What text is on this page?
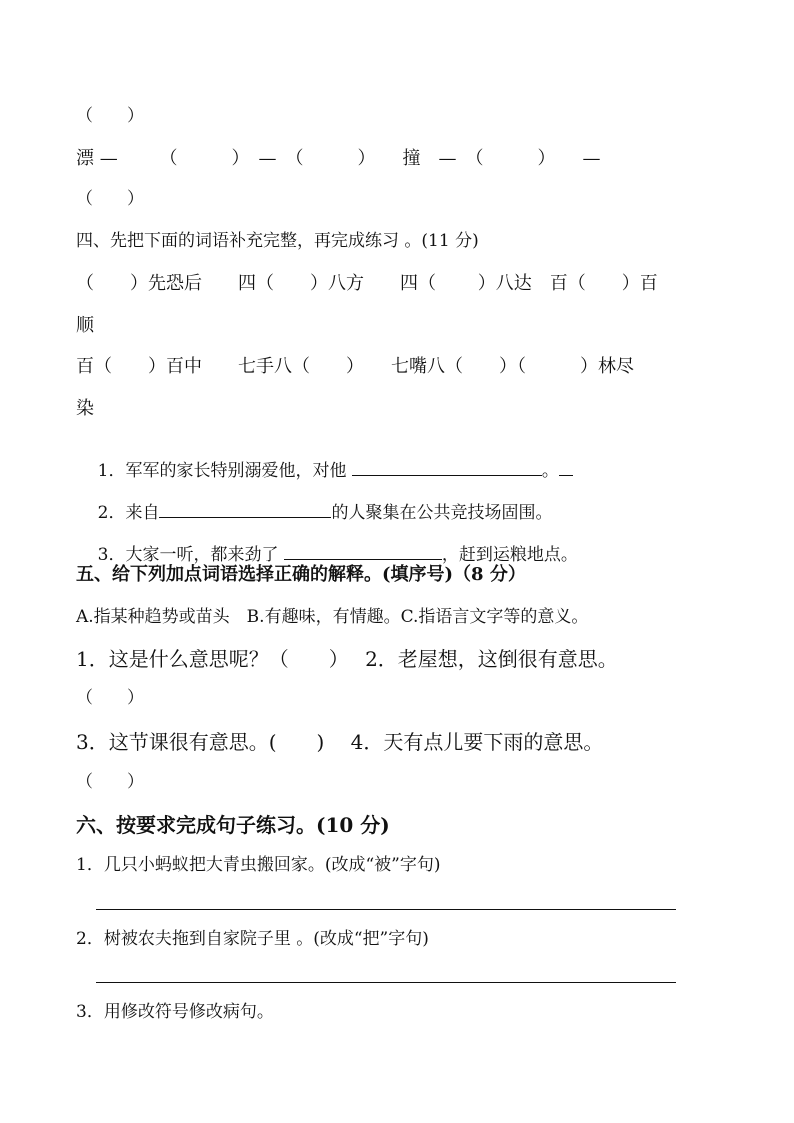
（　　）
漂 —　　 （　　　）　—　（　　　）　　撞　—　（　　　）　　—
（　　）
四、先把下面的词语补充完整，再完成练习 。(11 分)
（　　）先恐后　　四（　　）八方　　四（　　 ）八达　百（　　）百
顺
百（　　）百中　　七手八（　　）　　七嘴八（　　）（　　　）林尽
染

1．军军的家长特别溺爱他，对他	。

2．来自	的人聚集在公共竞技场固围。

3．大家一听，都来劲了	，赶到运粮地点。

五、给下列加点词语选择正确的解释。(填序号)（8 分）
A.指某种趋势或苗头　B.有趣味，有情趣。C.指语言文字等的意义。
1．这是什么意思呢？（　　）　 2．老屋想，这倒很有意思。
（　　）
3．这节课很有意思。(　　)　 4．天有点儿要下雨的意思。
（　　）
六、按要求完成句子练习。(10 分)
1．几只小蚂蚁把大青虫搬回家。(改成“被”字句)
2．树被农夫拖到自家院子里 。(改成“把”字句)
3．用修改符号修改病句。
